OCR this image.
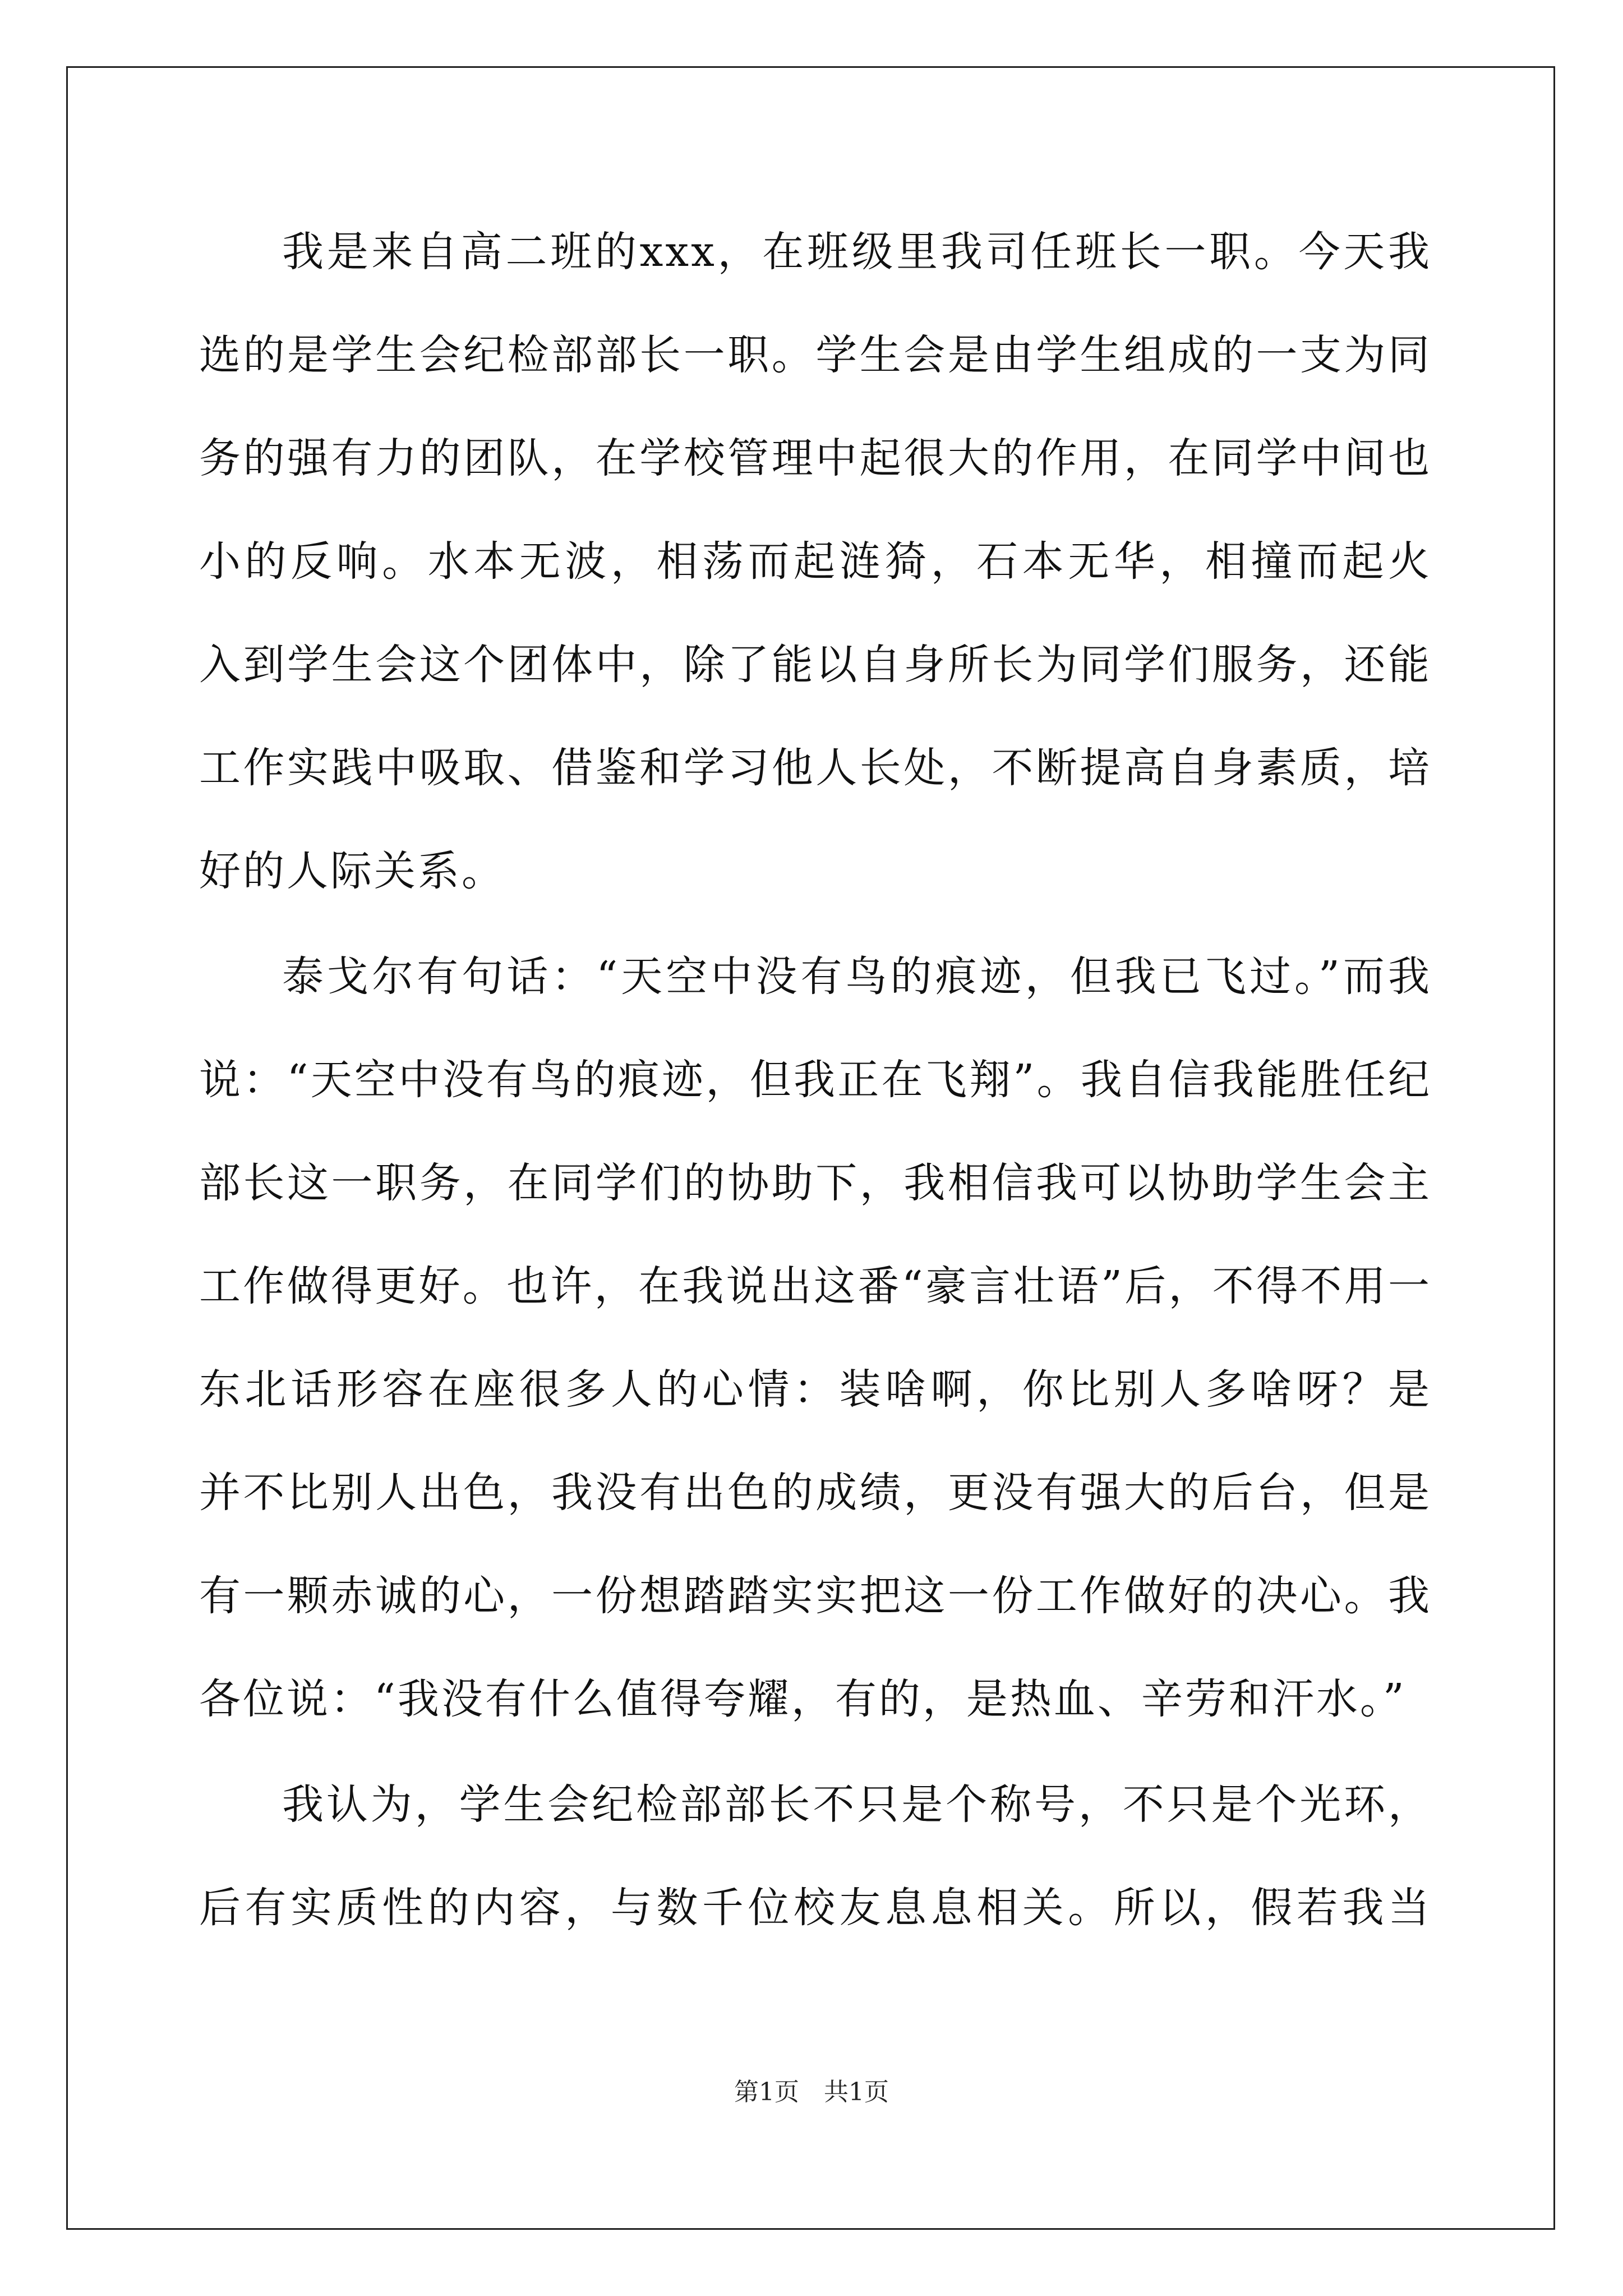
我是来自高二班的xxx，在班级里我司任班长一职。今天我
选的是学生会纪检部部长一职。学生会是由学生组成的一支为同
务的强有力的团队，在学校管理中起很大的作用，在同学中间也
小的反响。水本无波，相荡而起涟猗，石本无华，相撞而起火
入到学生会这个团体中，除了能以自身所长为同学们服务，还能
工作实践中吸取、借鉴和学习他人长处，不断提高自身素质，培
好的人际关系。
泰戈尔有句话：“天空中没有鸟的痕迹，但我已飞过。”而我
说：“天空中没有鸟的痕迹，但我正在飞翔”。我自信我能胜任纪
部长这一职务，在同学们的协助下，我相信我可以协助学生会主
工作做得更好。也许，在我说出这番“豪言壮语”后，不得不用一
东北话形容在座很多人的心情：装啥啊，你比别人多啥呀？是
并不比别人出色，我没有出色的成绩，更没有强大的后台，但是
有一颗赤诚的心，一份想踏踏实实把这一份工作做好的决心。我
各位说：“我没有什么值得夸耀，有的，是热血、辛劳和汗水。”
我认为，学生会纪检部部长不只是个称号，不只是个光环，
后有实质性的内容，与数千位校友息息相关。所以，假若我当
第1页　共1页
